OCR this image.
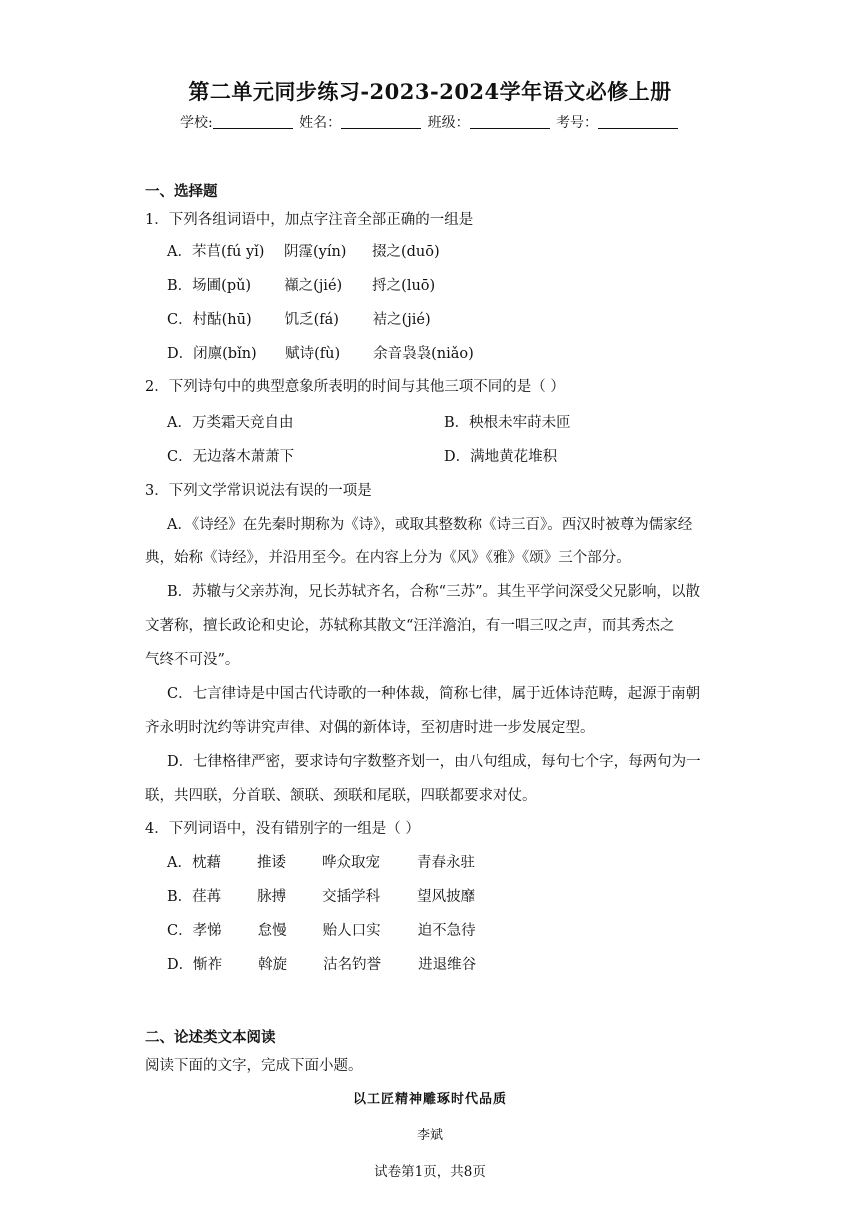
第二单元同步练习-2023-2024学年语文必修上册
学校:	姓名：	班级：	考号：
一、选择题
1．下列各组词语中，加点字注音全部正确的一组是
A．芣苢(fú yǐ) 阴霪(yín) 掇之(duō)
B．场圃(pǔ) 襭之(jié) 捋之(luō)
C．村酤(hū) 饥乏(fá) 袺之(jié)
D．闭廪(bǐn) 赋诗(fù) 余音袅袅(niǎo)
2．下列诗句中的典型意象所表明的时间与其他三项不同的是（ ）
A．万类霜天竞自由	B．秧根未牢莳未匝
C．无边落木萧萧下	D．满地黄花堆积
3．下列文学常识说法有误的一项是
A．《诗经》在先秦时期称为《诗》，或取其整数称《诗三百》。西汉时被尊为儒家经
典，始称《诗经》，并沿用至今。在内容上分为《风》《雅》《颂》三个部分。
B．苏辙与父亲苏洵，兄长苏轼齐名，合称“三苏”。其生平学问深受父兄影响，以散
文著称，擅长政论和史论，苏轼称其散文“汪洋澹泊，有一唱三叹之声，而其秀杰之
气终不可没”。
C．七言律诗是中国古代诗歌的一种体裁，简称七律，属于近体诗范畴，起源于南朝
齐永明时沈约等讲究声律、对偶的新体诗，至初唐时进一步发展定型。
D．七律格律严密，要求诗句字数整齐划一，由八句组成，每句七个字，每两句为一
联，共四联，分首联、颔联、颈联和尾联，四联都要求对仗。
4．下列词语中，没有错别字的一组是（ ）
A．枕藉 推诿 哗众取宠	青春永驻
B．荏苒 脉搏 交插学科	望风披靡
C．孝悌 怠慢 贻人口实	迫不急待
D．惭祚 斡旋 沽名钓誉	进退维谷
二、论述类文本阅读
阅读下面的文字，完成下面小题。
以工匠精神雕琢时代品质
李斌
试卷第1页，共8页
